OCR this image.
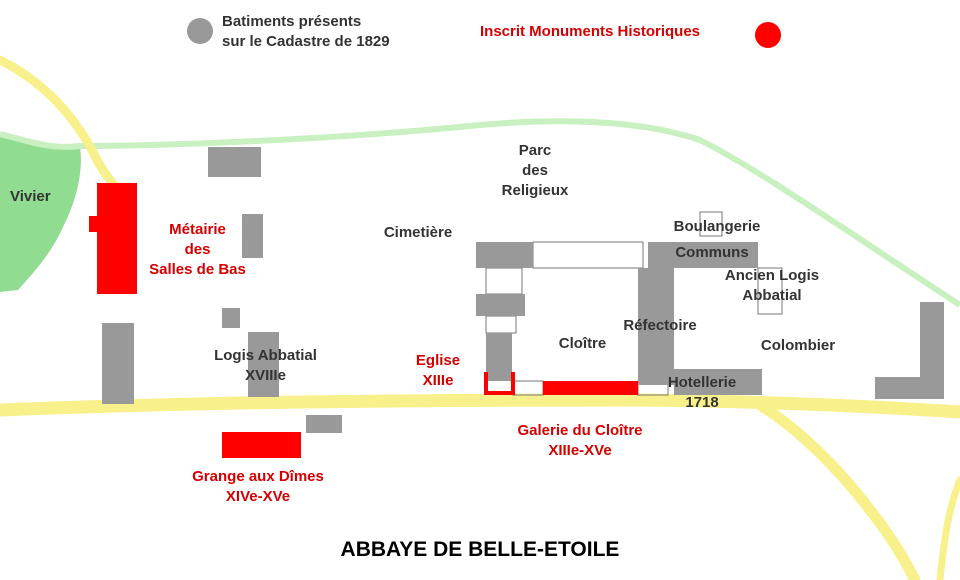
Batiments présents
sur le Cadastre de 1829
Inscrit Monuments Historiques
Vivier
Métairie
des
Salles de Bas
Logis Abbatial
XVIIIe
Grange aux Dîmes
XIVe-XVe
Cimetière
Parc
des
Religieux
Eglise
XIIIe
Cloître
Galerie du Cloître
XIIIe-XVe
Réfectoire
Boulangerie
Communs
Ancien Logis
Abbatial
Colombier
Hotellerie
1718
ABBAYE DE BELLE-ETOILE
